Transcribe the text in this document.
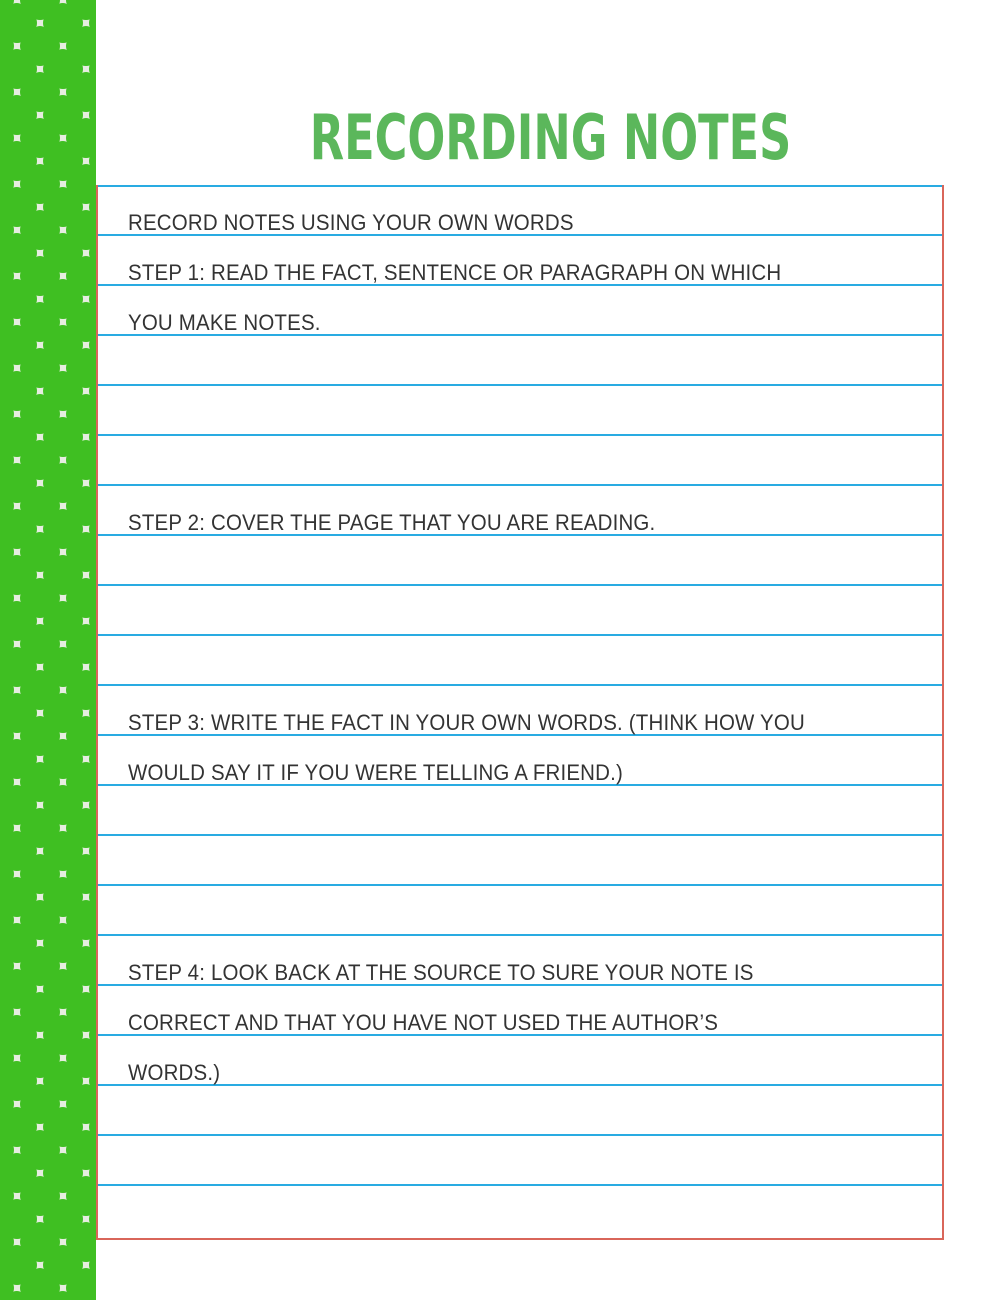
RECORDING NOTES
RECORD NOTES USING YOUR OWN WORDS
STEP 1: READ THE FACT, SENTENCE OR PARAGRAPH ON WHICH
YOU MAKE NOTES.
STEP 2: COVER THE PAGE THAT YOU ARE READING.
STEP 3: WRITE THE FACT IN YOUR OWN WORDS. (THINK HOW YOU
WOULD SAY IT IF YOU WERE TELLING A FRIEND.)
STEP 4: LOOK BACK AT THE SOURCE TO SURE YOUR NOTE IS
CORRECT AND THAT YOU HAVE NOT USED THE AUTHOR’S
WORDS.)
